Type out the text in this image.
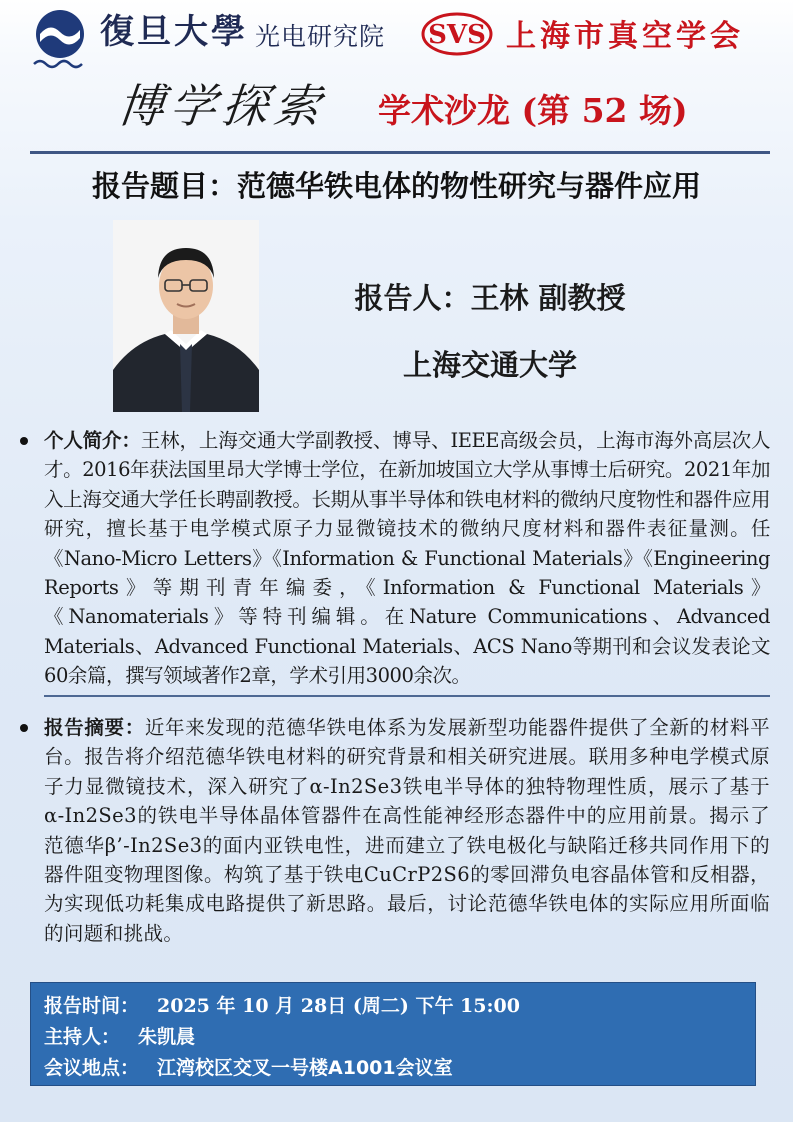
復旦大學 光电研究院 SVS 上海市真空学会
博学探索 学术沙龙 (第 52 场)
报告题目：范德华铁电体的物性研究与器件应用
报告人：王林 副教授
上海交通大学
个人简介：王林，上海交通大学副教授、博导、IEEE高级会员，上海市海外高层次人才。2016年获法国里昂大学博士学位，在新加坡国立大学从事博士后研究。2021年加入上海交通大学任长聘副教授。长期从事半导体和铁电材料的微纳尺度物性和器件应用研究，擅长基于电学模式原子力显微镜技术的微纳尺度材料和器件表征量测。任《Nano-Micro Letters》《Information & Functional Materials》《Engineering Reports》等期刊青年编委，《Information & Functional Materials》《Nanomaterials》等特刊编辑。在Nature Communications、Advanced Materials、Advanced Functional Materials、ACS Nano等期刊和会议发表论文60余篇，撰写领域著作2章，学术引用3000余次。
报告摘要：近年来发现的范德华铁电体系为发展新型功能器件提供了全新的材料平台。报告将介绍范德华铁电材料的研究背景和相关研究进展。联用多种电学模式原子力显微镜技术，深入研究了α-In2Se3铁电半导体的独特物理性质，展示了基于α-In2Se3的铁电半导体晶体管器件在高性能神经形态器件中的应用前景。揭示了范德华β’-In2Se3的面内亚铁电性，进而建立了铁电极化与缺陷迁移共同作用下的器件阻变物理图像。构筑了基于铁电CuCrP2S6的零回滞负电容晶体管和反相器，为实现低功耗集成电路提供了新思路。最后，讨论范德华铁电体的实际应用所面临的问题和挑战。
报告时间： 2025 年 10 月 28日 (周二) 下午 15:00
主持人： 朱凯晨
会议地点： 江湾校区交叉一号楼A1001会议室
